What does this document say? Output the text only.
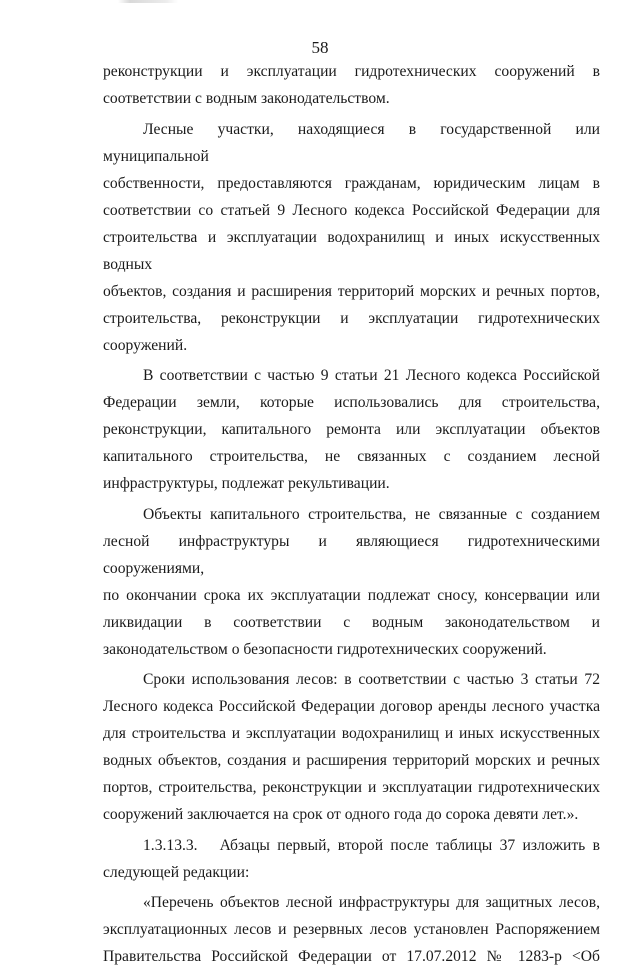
58

реконструкции и эксплуатации гидротехнических сооружений в
соответствии с водным законодательством.

Лесные участки, находящиеся в государственной или муниципальной
собственности, предоставляются гражданам, юридическим лицам в
соответствии со статьей 9 Лесного кодекса Российской Федерации для
строительства и эксплуатации водохранилищ и иных искусственных водных
объектов, создания и расширения территорий морских и речных портов,
строительства, реконструкции и эксплуатации гидротехнических
сооружений.

В соответствии с частью 9 статьи 21 Лесного кодекса Российской
Федерации земли, которые использовались для строительства,
реконструкции, капитального ремонта или эксплуатации объектов
капитального строительства, не связанных с созданием лесной
инфраструктуры, подлежат рекультивации.

Объекты капитального строительства, не связанные с созданием
лесной инфраструктуры и являющиеся гидротехническими сооружениями,
по окончании срока их эксплуатации подлежат сносу, консервации или
ликвидации в соответствии с водным законодательством и
законодательством о безопасности гидротехнических сооружений.

Сроки использования лесов: в соответствии с частью 3 статьи 72
Лесного кодекса Российской Федерации договор аренды лесного участка
для строительства и эксплуатации водохранилищ и иных искусственных
водных объектов, создания и расширения территорий морских и речных
портов, строительства, реконструкции и эксплуатации гидротехнических
сооружений заключается на срок от одного года до сорока девяти лет.».

1.3.13.3.   Абзацы первый, второй после таблицы 37 изложить в
следующей редакции:

«Перечень объектов лесной инфраструктуры для защитных лесов,
эксплуатационных лесов и резервных лесов установлен Распоряжением
Правительства Российской Федерации от 17.07.2012 № 1283-р <Об
